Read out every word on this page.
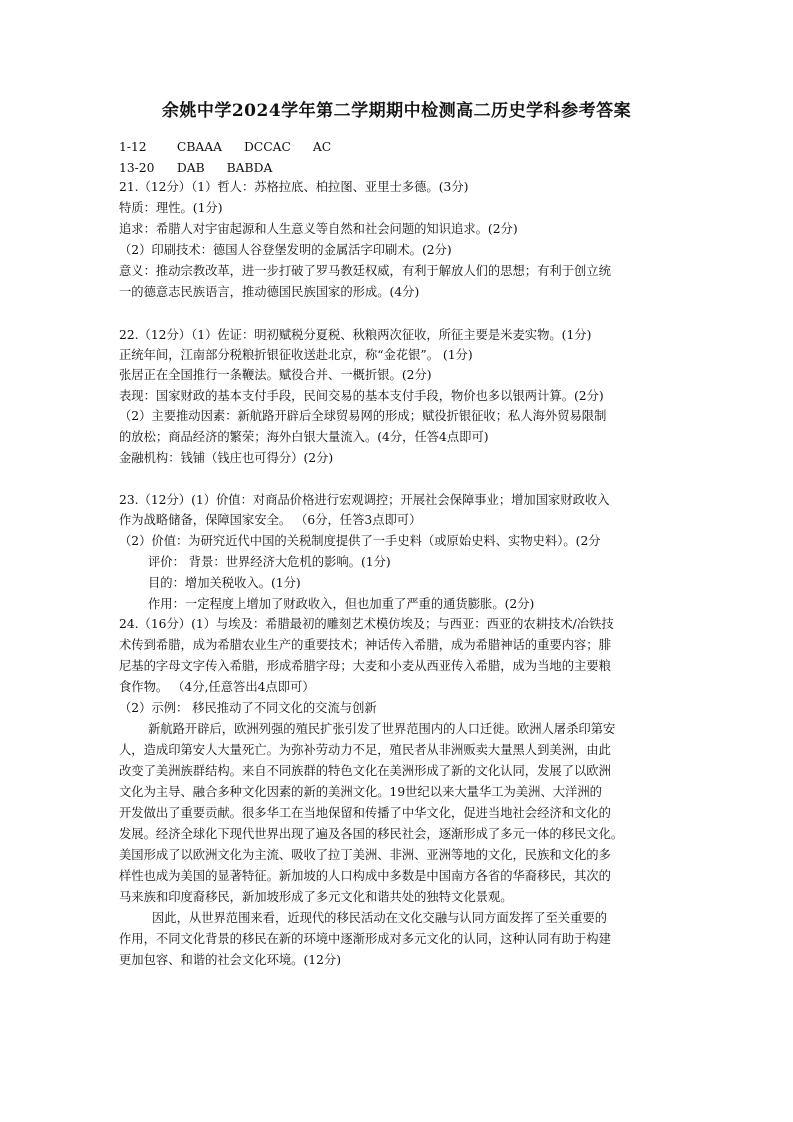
余姚中学2024学年第二学期期中检测高二历史学科参考答案
1-12 CBAAA DCCAC AC
13-20 DAB BABDA
21.（12分）（1）哲人：苏格拉底、柏拉图、亚里士多德。(3分)
特质：理性。(1分)
追求：希腊人对宇宙起源和人生意义等自然和社会问题的知识追求。(2分)
（2）印刷技术：德国人谷登堡发明的金属活字印刷术。(2分)
意义：推动宗教改革，进一步打破了罗马教廷权威，有利于解放人们的思想；有利于创立统
一的德意志民族语言，推动德国民族国家的形成。(4分)
22.（12分）（1）佐证：明初赋税分夏税、秋粮两次征收，所征主要是米麦实物。(1分)
正统年间，江南部分税粮折银征收送赴北京，称“金花银”。 (1分)
张居正在全国推行一条鞭法。赋役合并、一概折银。(2分)
表现：国家财政的基本支付手段，民间交易的基本支付手段，物价也多以银两计算。(2分)
（2）主要推动因素：新航路开辟后全球贸易网的形成；赋役折银征收；私人海外贸易限制
的放松；商品经济的繁荣；海外白银大量流入。(4分，任答4点即可)
金融机构：钱铺（钱庄也可得分）(2分)
23.（12分）(1）价值：对商品价格进行宏观调控；开展社会保障事业；增加国家财政收入
作为战略储备，保障国家安全。 （6分，任答3点即可）
（2）价值：为研究近代中国的关税制度提供了一手史料（或原始史料、实物史料）。(2分
评价： 背景：世界经济大危机的影响。(1分)
目的：增加关税收入。(1分)
作用：一定程度上增加了财政收入，但也加重了严重的通货膨胀。(2分)
24.（16分）(1）与埃及：希腊最初的雕刻艺术模仿埃及；与西亚：西亚的农耕技术/冶铁技
术传到希腊，成为希腊农业生产的重要技术；神话传入希腊，成为希腊神话的重要内容；腓
尼基的字母文字传入希腊，形成希腊字母；大麦和小麦从西亚传入希腊，成为当地的主要粮
食作物。 （4分,任意答出4点即可）
（2）示例： 移民推动了不同文化的交流与创新
新航路开辟后，欧洲列强的殖民扩张引发了世界范围内的人口迁徙。欧洲人屠杀印第安
人，造成印第安人大量死亡。为弥补劳动力不足，殖民者从非洲贩卖大量黑人到美洲，由此
改变了美洲族群结构。来自不同族群的特色文化在美洲形成了新的文化认同，发展了以欧洲
文化为主导、融合多种文化因素的新的美洲文化。19世纪以来大量华工为美洲、大洋洲的
开发做出了重要贡献。很多华工在当地保留和传播了中华文化，促进当地社会经济和文化的
发展。经济全球化下现代世界出现了遍及各国的移民社会，逐渐形成了多元一体的移民文化。
美国形成了以欧洲文化为主流、吸收了拉丁美洲、非洲、亚洲等地的文化，民族和文化的多
样性也成为美国的显著特征。新加坡的人口构成中多数是中国南方各省的华裔移民，其次的
马来族和印度裔移民，新加坡形成了多元文化和谐共处的独特文化景观。
因此，从世界范围来看，近现代的移民活动在文化交融与认同方面发挥了至关重要的
作用，不同文化背景的移民在新的环境中逐渐形成对多元文化的认同，这种认同有助于构建
更加包容、和谐的社会文化环境。(12分)
